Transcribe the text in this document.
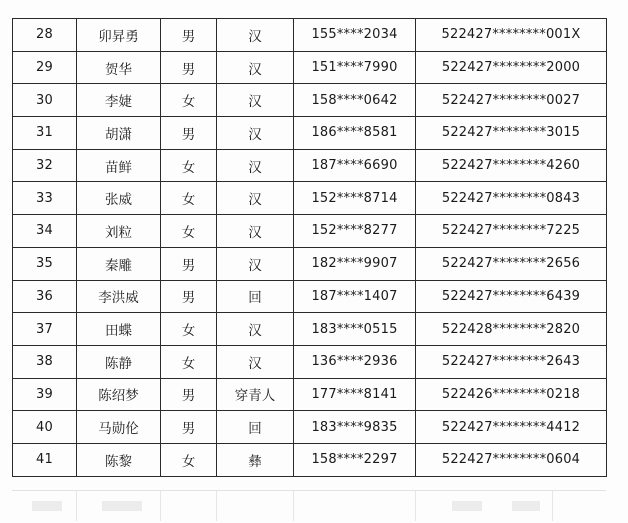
28	卯昇勇	男	汉	155****2034	522427********001X
29	贺华	男	汉	151****7990	522427********2000
30	李婕	女	汉	158****0642	522427********0027
31	胡潇	男	汉	186****8581	522427********3015
32	苗鲜	女	汉	187****6690	522427********4260
33	张威	女	汉	152****8714	522427********0843
34	刘粒	女	汉	152****8277	522427********7225
35	秦雕	男	汉	182****9907	522427********2656
36	李洪威	男	回	187****1407	522427********6439
37	田蝶	女	汉	183****0515	522428********2820
38	陈静	女	汉	136****2936	522427********2643
39	陈绍梦	男	穿青人	177****8141	522426********0218
40	马勋伦	男	回	183****9835	522427********4412
41	陈黎	女	彝	158****2297	522427********0604
